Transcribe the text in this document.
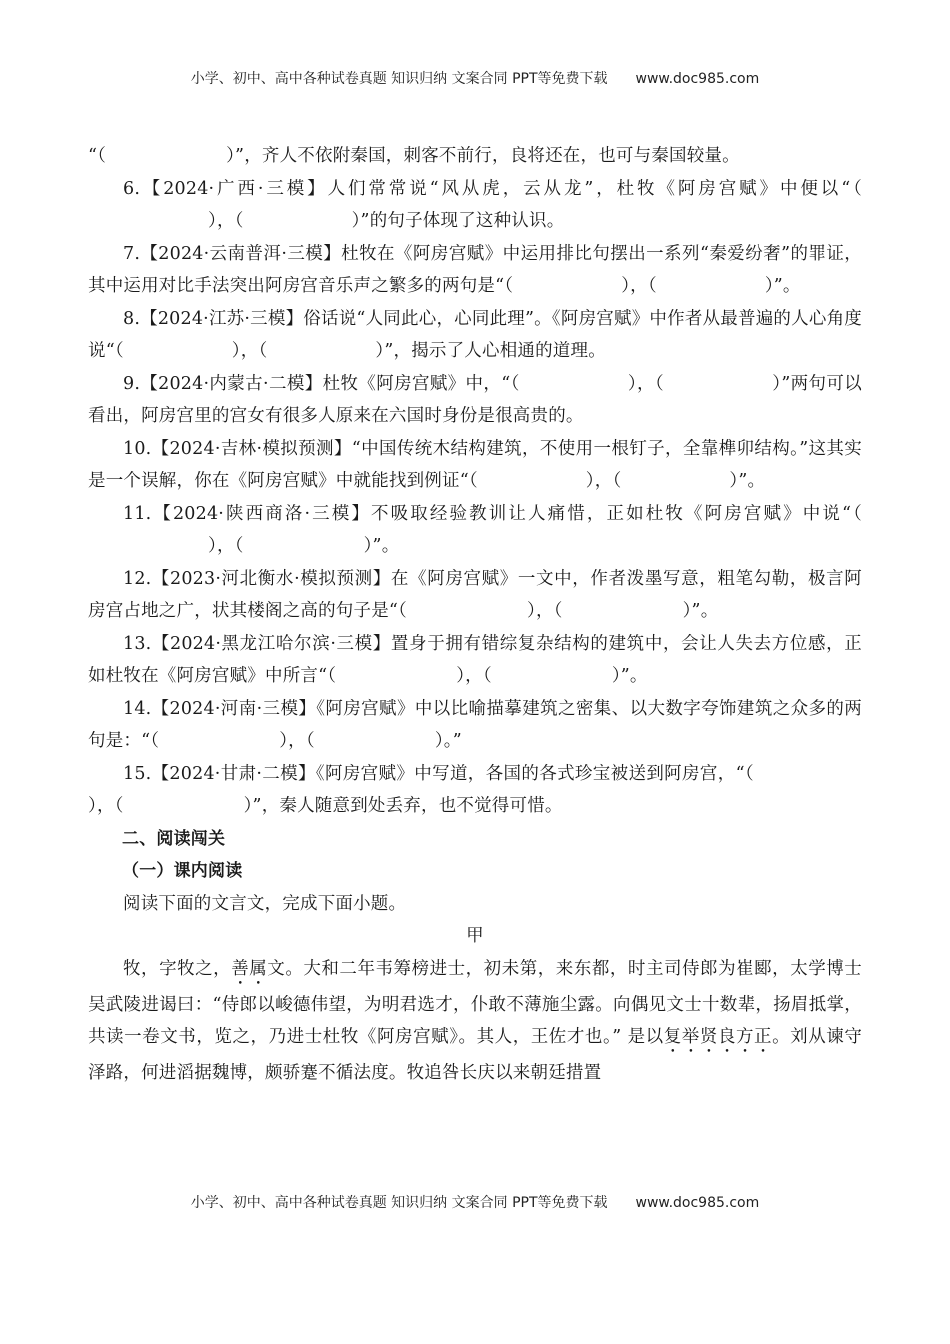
小学、初中、高中各种试卷真题 知识归纳 文案合同 PPT等免费下载 www.doc985.com

“（	）”，齐人不依附秦国，刺客不前行，良将还在，也可与秦国较量。

6.【2024·广西·三模】人们常常说“风从虎，云从龙”，杜牧《阿房宫赋》中便以“（），（	）”的句子体现了这种认识。

7.【2024·云南普洱·三模】杜牧在《阿房宫赋》中运用排比句摆出一系列“秦爱纷奢”的罪证，其中运用对比手法突出阿房宫音乐声之繁多的两句是“（	），（	）”。

8.【2024·江苏·三模】俗话说“人同此心，心同此理”。《阿房宫赋》中作者从最普遍的人心角度说“（	），（	）”，揭示了人心相通的道理。

9.【2024·内蒙古·二模】杜牧《阿房宫赋》中，“（	），（	）”两句可以看出，阿房宫里的宫女有很多人原来在六国时身份是很高贵的。

10.【2024·吉林·模拟预测】“中国传统木结构建筑，不使用一根钉子，全靠榫卯结构。”这其实是一个误解，你在《阿房宫赋》中就能找到例证“（	），（	）”。

11.【2024·陕西商洛·三模】不吸取经验教训让人痛惜，正如杜牧《阿房宫赋》中说“（），（	）”。

12.【2023·河北衡水·模拟预测】在《阿房宫赋》一文中，作者泼墨写意，粗笔勾勒，极言阿房宫占地之广，状其楼阁之高的句子是“（	），（	）”。

13.【2024·黑龙江哈尔滨·三模】置身于拥有错综复杂结构的建筑中，会让人失去方位感，正如杜牧在《阿房宫赋》中所言“（	），（	）”。

14.【2024·河南·三模】《阿房宫赋》中以比喻描摹建筑之密集、以大数字夸饰建筑之众多的两句是：“（	），（	）。”

15.【2024·甘肃·二模】《阿房宫赋》中写道，各国的各式珍宝被送到阿房宫，“（），（	）”，秦人随意到处丢弃，也不觉得可惜。

二、阅读闯关

（一）课内阅读

阅读下面的文言文，完成下面小题。

甲

牧，字牧之，善属文。大和二年韦筹榜进士，初未第，来东都，时主司侍郎为崔郾，太学博士吴武陵进谒曰：“侍郎以峻德伟望，为明君选才，仆敢不薄施尘露。向偶见文士十数辈，扬眉抵掌，共读一卷文书，览之，乃进士杜牧《阿房宫赋》。其人，王佐才也。” 是以复举贤良方正。刘从谏守泽路，何进滔据魏博，颇骄蹇不循法度。牧追咎长庆以来朝廷措置

小学、初中、高中各种试卷真题 知识归纳 文案合同 PPT等免费下载 www.doc985.com
